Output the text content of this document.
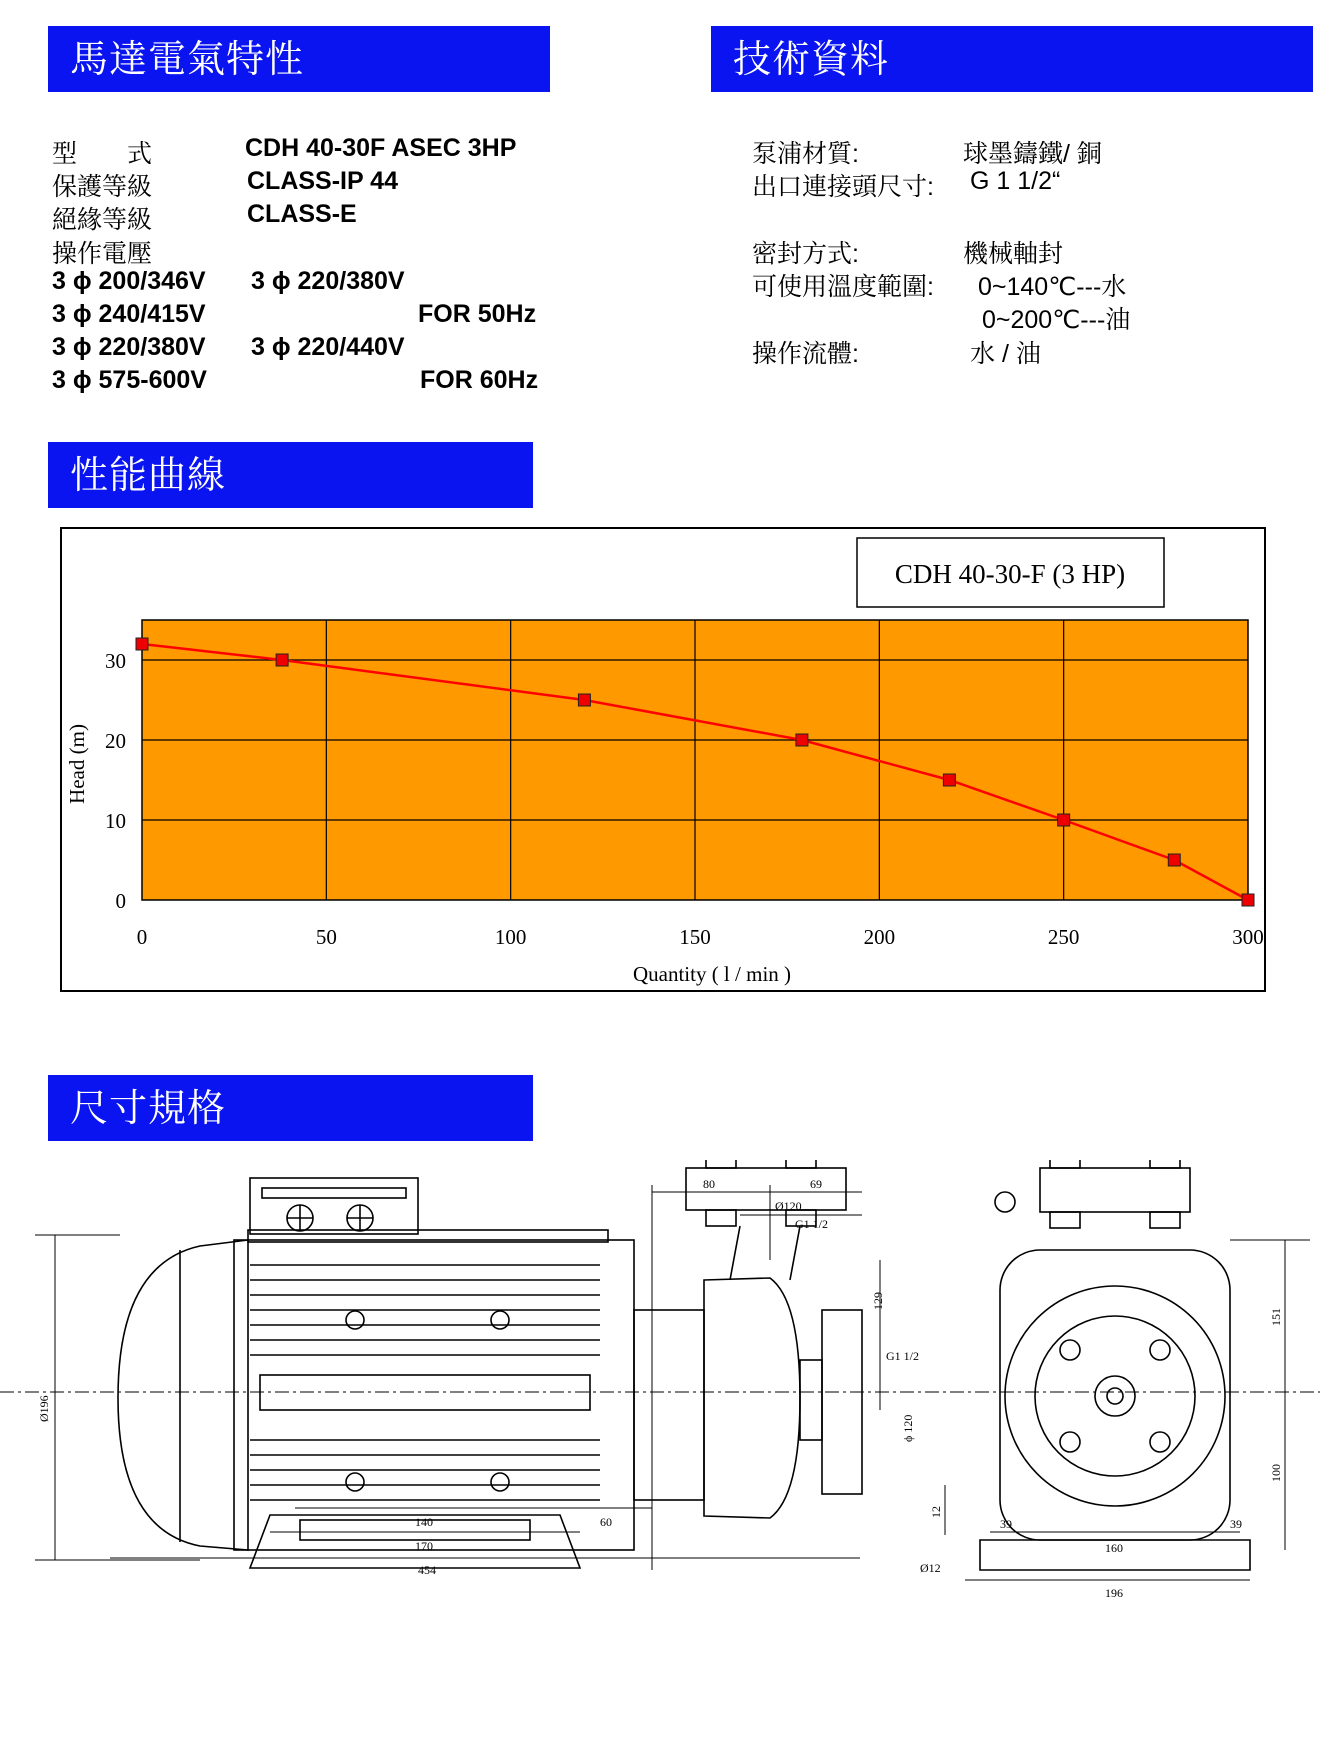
馬達電氣特性	技術資料
性能曲線
尺寸規格
型　　式	CDH 40-30F ASEC 3HP
保護等級	CLASS-IP 44
絕緣等級	CLASS-E
操作電壓
3 ϕ 200/346V 3 ϕ 220/380V
3 ϕ 240/415V	FOR 50Hz
3 ϕ 220/380V 3 ϕ 220/440V
3 ϕ 575-600V	FOR 60Hz
泵浦材質:	球墨鑄鐵/ 銅
出口連接頭尺寸: G 1 1/2“
密封方式:	機械軸封
可使用溫度範圍: 0~140℃---水
0~200℃---油
操作流體:	水 / 油
CDH 40-30-F (3 HP)
0	50	100	150	200	250	300
0
10
20
30
Quantity ( l / min )
Head (m)
80	69
Ø120
G1 1/2
G1 1/2
129
ϕ 120
Ø196
140	60
170
454
151
100
12
39	39
160
196
Ø12
